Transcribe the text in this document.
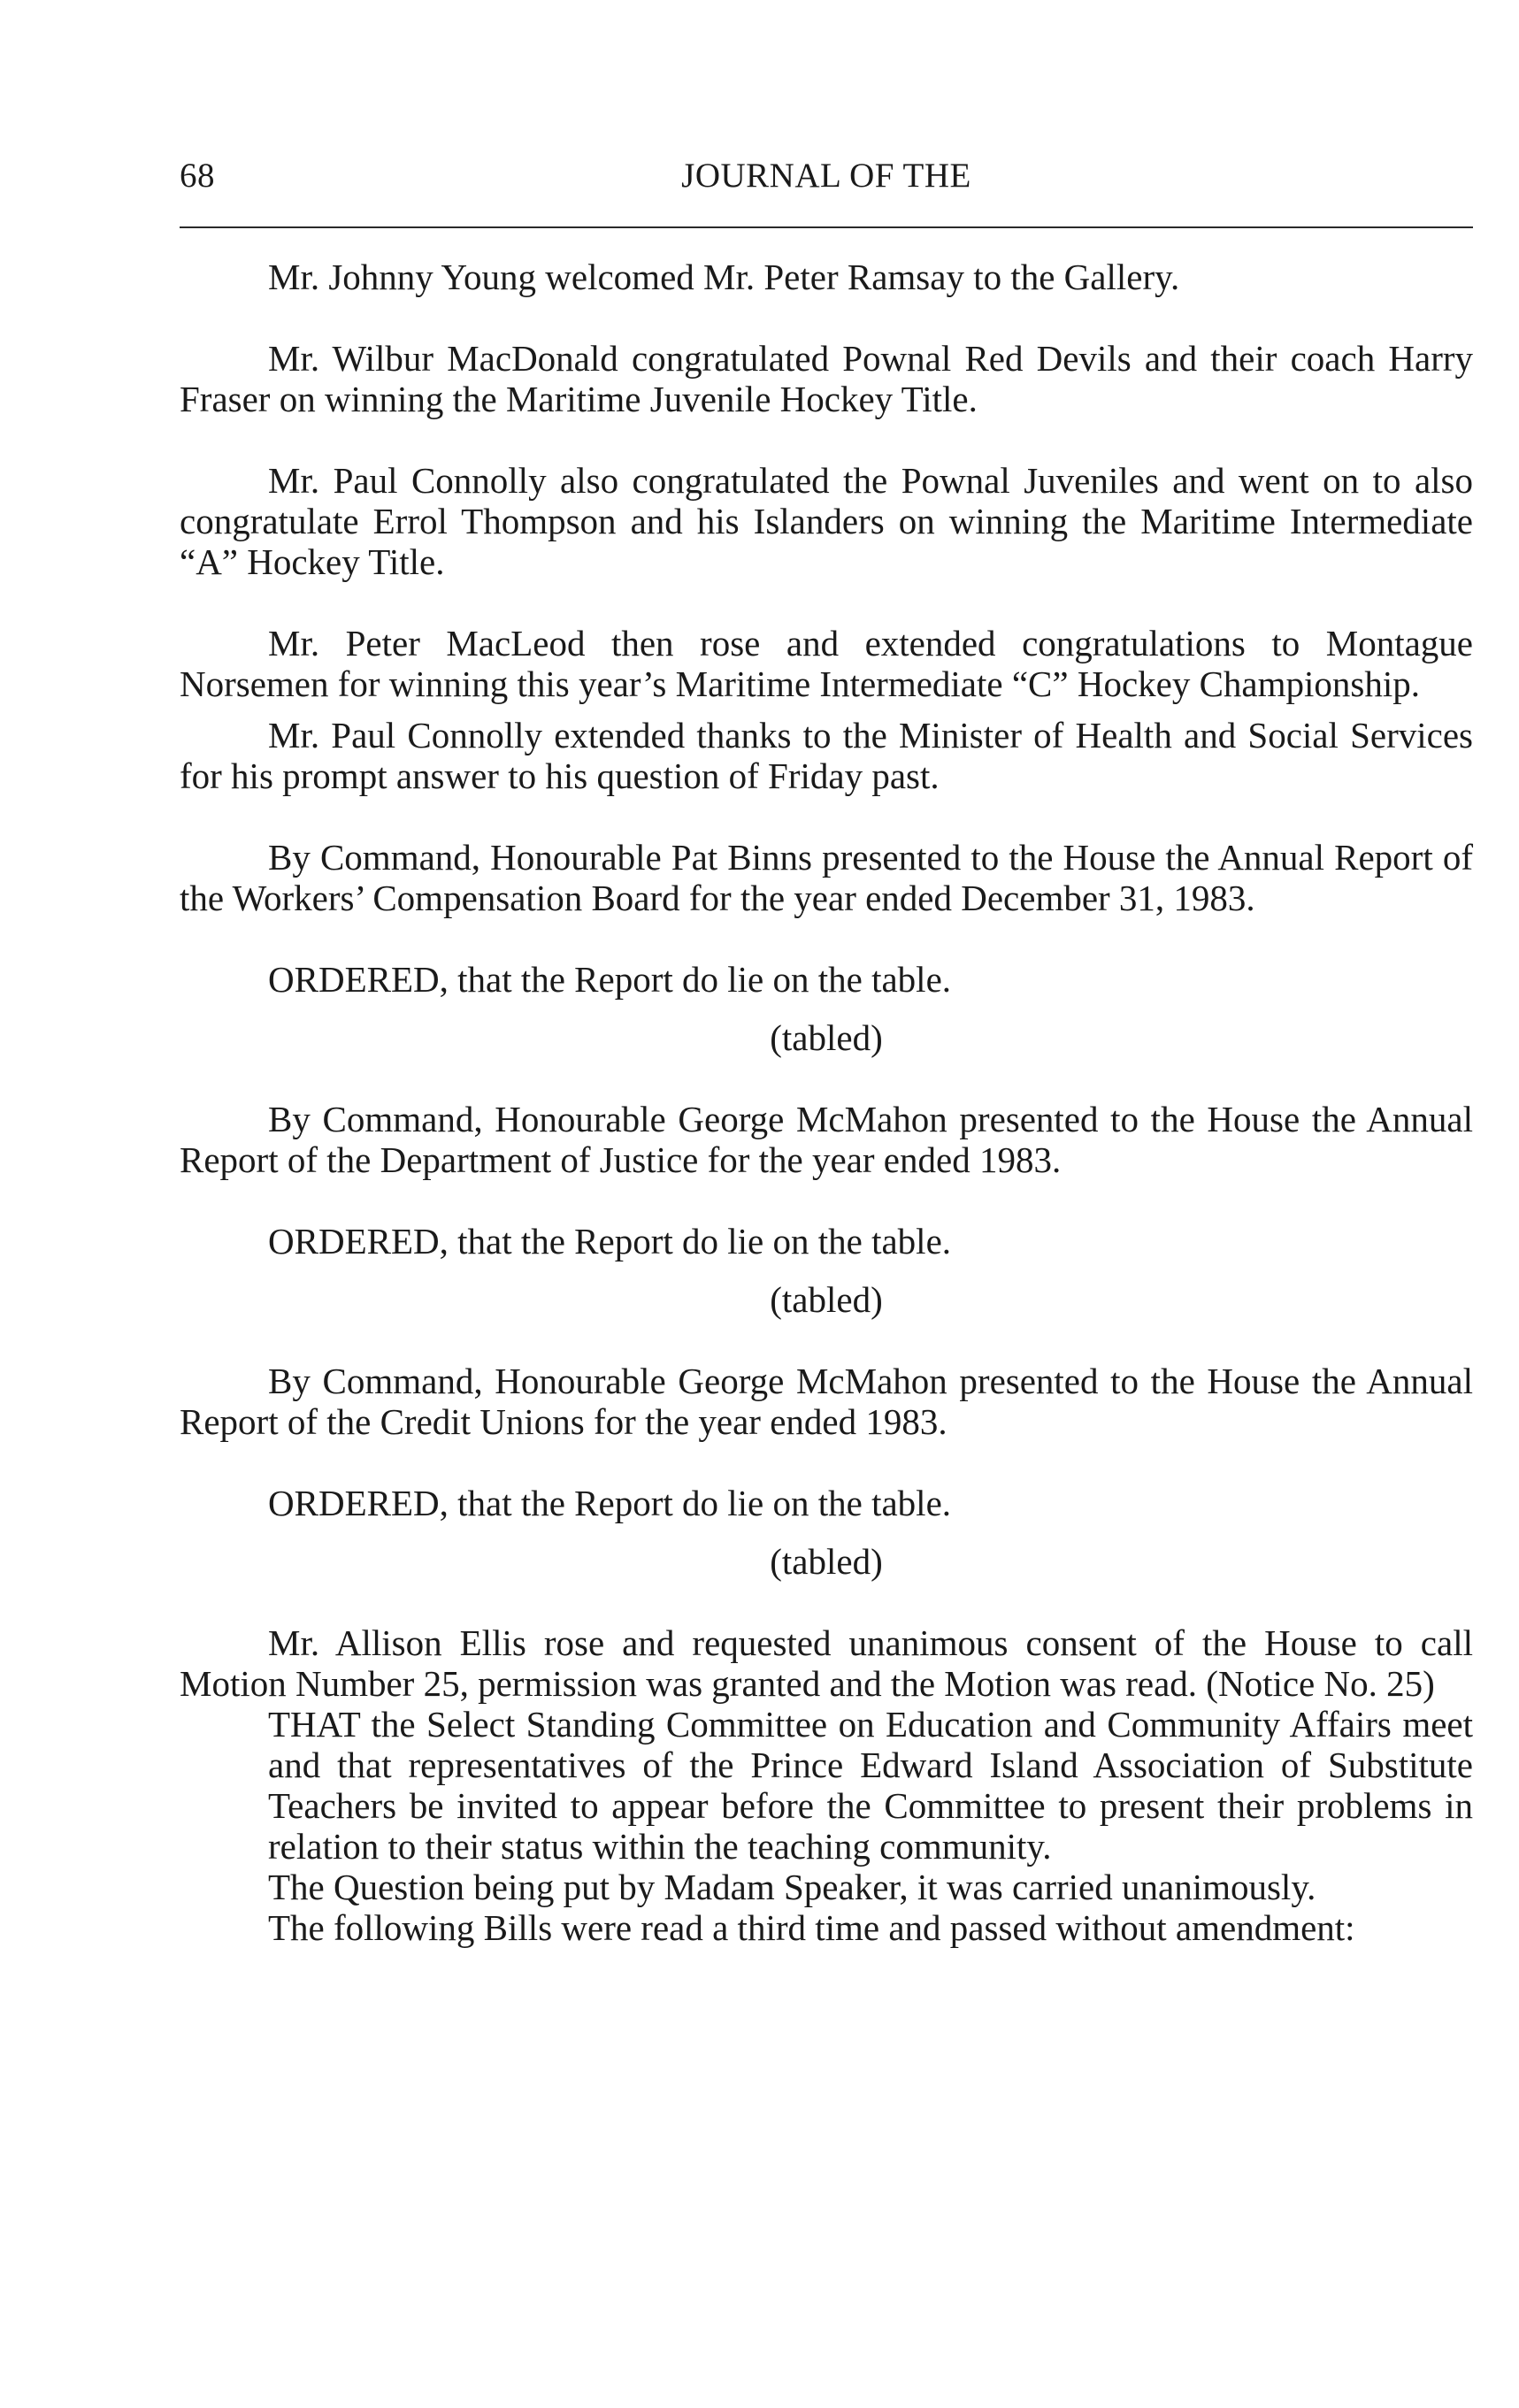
68	JOURNAL OF THE

Mr. Johnny Young welcomed Mr. Peter Ramsay to the Gallery.

Mr. Wilbur MacDonald congratulated Pownal Red Devils and their coach Harry Fraser on winning the Maritime Juvenile Hockey Title.

Mr. Paul Connolly also congratulated the Pownal Juveniles and went on to also congratulate Errol Thompson and his Islanders on winning the Maritime Intermediate “A” Hockey Title.

Mr. Peter MacLeod then rose and extended congratulations to Montague Norsemen for winning this year’s Maritime Intermediate “C” Hockey Championship.

Mr. Paul Connolly extended thanks to the Minister of Health and Social Services for his prompt answer to his question of Friday past.

By Command, Honourable Pat Binns presented to the House the Annual Report of the Workers’ Compensation Board for the year ended December 31, 1983.

ORDERED, that the Report do lie on the table.

(tabled)

By Command, Honourable George McMahon presented to the House the Annual Report of the Department of Justice for the year ended 1983.

ORDERED, that the Report do lie on the table.

(tabled)

By Command, Honourable George McMahon presented to the House the Annual Report of the Credit Unions for the year ended 1983.

ORDERED, that the Report do lie on the table.

(tabled)

Mr. Allison Ellis rose and requested unanimous consent of the House to call Motion Number 25, permission was granted and the Motion was read. (Notice No. 25)

THAT the Select Standing Committee on Education and Community Affairs meet and that representatives of the Prince Edward Island Association of Substitute Teachers be invited to appear before the Committee to present their problems in relation to their status within the teaching community.

The Question being put by Madam Speaker, it was carried unanimously.

The following Bills were read a third time and passed without amendment:
